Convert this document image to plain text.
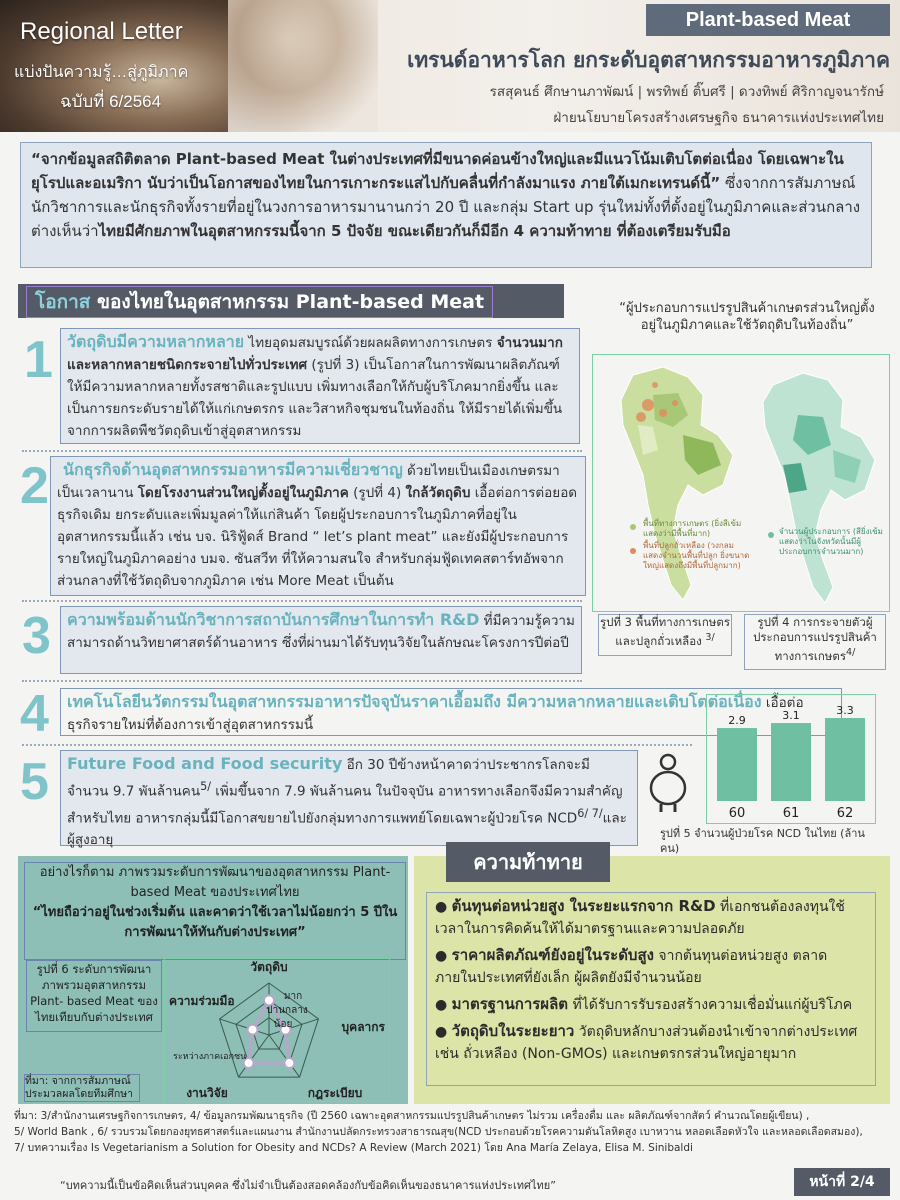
Regional Letter
แบ่งปันความรู้…สู่ภูมิภาค
ฉบับที่ 6/2564
Plant-based Meat
เทรนด์อาหารโลก ยกระดับอุตสาหกรรมอาหารภูมิภาค
รสสุคนธ์ ศึกษานภาพัฒน์ | พรทิพย์ ติ๊บศรี | ดวงทิพย์ ศิริกาญจนารักษ์
ฝ่ายนโยบายโครงสร้างเศรษฐกิจ ธนาคารแห่งประเทศไทย
“จากข้อมูลสถิติตลาด Plant-based Meat ในต่างประเทศที่มีขนาดค่อนข้างใหญ่และมีแนวโน้มเติบโตต่อเนื่อง โดยเฉพาะในยุโรปและอเมริกา นับว่าเป็นโอกาสของไทยในการเกาะกระแสไปกับคลื่นที่กำลังมาแรง ภายใต้เมกะเทรนด์นี้” ซึ่งจากการสัมภาษณ์นักวิชาการและนักธุรกิจทั้งรายที่อยู่ในวงการอาหารมานานกว่า 20 ปี และกลุ่ม Start up รุ่นใหม่ทั้งที่ตั้งอยู่ในภูมิภาคและส่วนกลางต่างเห็นว่าไทยมีศักยภาพในอุตสาหกรรมนี้จาก 5 ปัจจัย ขณะเดียวกันก็มีอีก 4 ความท้าทาย ที่ต้องเตรียมรับมือ
โอกาส ของไทยในอุตสาหกรรม Plant-based Meat
1 วัตถุดิบมีความหลากหลาย ไทยอุดมสมบูรณ์ด้วยผลผลิตทางการเกษตร จำนวนมากและหลากหลายชนิดกระจายไปทั่วประเทศ (รูปที่ 3) เป็นโอกาสในการพัฒนาผลิตภัณฑ์ให้มีความหลากหลายทั้งรสชาติและรูปแบบ เพิ่มทางเลือกให้กับผู้บริโภคมากยิ่งขึ้น และเป็นการยกระดับรายได้ให้แก่เกษตรกร และวิสาหกิจชุมชนในท้องถิ่น ให้มีรายได้เพิ่มขึ้นจากการผลิตพืชวัตถุดิบเข้าสู่อุตสาหกรรม
2 นักธุรกิจด้านอุตสาหกรรมอาหารมีความเชี่ยวชาญ ด้วยไทยเป็นเมืองเกษตรมาเป็นเวลานาน โดยโรงงานส่วนใหญ่ตั้งอยู่ในภูมิภาค (รูปที่ 4) ใกล้วัตถุดิบ เอื้อต่อการต่อยอดธุรกิจเดิม ยกระดับและเพิ่มมูลค่าให้แก่สินค้า โดยผู้ประกอบการในภูมิภาคที่อยู่ในอุตสาหกรรมนี้แล้ว เช่น บจ. นิริฟู้ดส์ Brand “ let’s plant meat” และยังมีผู้ประกอบการรายใหญ่ในภูมิภาคอย่าง บมจ. ซันสวีท ที่ให้ความสนใจ สำหรับกลุ่มฟู้ดเทคสตาร์ทอัพจากส่วนกลางที่ใช้วัตถุดิบจากภูมิภาค เช่น More Meat เป็นต้น
3	ความพร้อมด้านนักวิชาการสถาบันการศึกษาในการทำ R&D ที่มีความรู้ความสามารถด้านวิทยาศาสตร์ด้านอาหาร ซึ่งที่ผ่านมาได้รับทุนวิจัยในลักษณะโครงการปีต่อปี
4	เทคโนโลยีนวัตกรรมในอุตสาหกรรมอาหารปัจจุบันราคาเอื้อมถึง มีความหลากหลายและเติบโตต่อเนื่อง เอื้อต่อธุรกิจรายใหม่ที่ต้องการเข้าสู่อุตสาหกรรมนี้
5	Future Food and Food security อีก 30 ปีข้างหน้าคาดว่าประชากรโลกจะมีจำนวน 9.7 พันล้านคน$^{5/}$ เพิ่มขึ้นจาก 7.9 พันล้านคน ในปัจจุบัน อาหารทางเลือกจึงมีความสำคัญ สำหรับไทย อาหารกลุ่มนี้มีโอกาสขยายไปยังกลุ่มทางการแพทย์โดยเฉพาะผู้ป่วยโรค $NCD^{6/ 7/}$และผู้สูงอายุ
“ผู้ประกอบการแปรรูปสินค้าเกษตรส่วนใหญ่ตั้งอยู่ในภูมิภาคและใช้วัตถุดิบในท้องถิ่น”
พื้นที่ทางการเกษตร (ยิ่งสีเข้มแสดงว่ามีพื้นที่มาก)
พื้นที่ปลูกถั่วเหลือง (วงกลมแสดงจำนวนพื้นที่ปลูก ยิ่งขนาดใหญ่แสดงถึงมีพื้นที่ปลูกมาก)
จำนวนผู้ประกอบการ (สียิ่งเข้มแสดงว่าในจังหวัดนั้นมีผู้ประกอบการจำนวนมาก)
รูปที่ 3 พื้นที่ทางการเกษตรและปลูกถั่วเหลือง $^{3/}$
รูปที่ 4 การกระจายตัวผู้ประกอบการแปรรูปสินค้าทางการเกษตร$^{4/}$
2.9
60
3.1
61
3.3
62
รูปที่ 5 จำนวนผู้ป่วยโรค NCD ในไทย (ล้านคน)
อย่างไรก็ตาม ภาพรวมระดับการพัฒนาของอุตสาหกรรม Plant-based Meat ของประเทศไทย
“ไทยถือว่าอยู่ในช่วงเริ่มต้น และคาดว่าใช้เวลาไม่น้อยกว่า 5 ปีในการพัฒนาให้ทันกับต่างประเทศ”
รูปที่ 6 ระดับการพัฒนาภาพรวมอุตสาหกรรม Plant- based Meat ของไทยเทียบกับต่างประเทศ
วัตถุดิบ
บุคลากร
กฎระเบียบ
งานวิจัย
ความร่วมมือ
ระหว่างภาคเอกชน
มาก
ปานกลาง
น้อย
ที่มา: จากการสัมภาษณ์ประมวลผลโดยทีมศึกษา
ความท้าทาย
● ต้นทุนต่อหน่วยสูง ในระยะแรกจาก R&D ที่เอกชนต้องลงทุนใช้เวลาในการคิดค้นให้ได้มาตรฐานและความปลอดภัย
● ราคาผลิตภัณฑ์ยังอยู่ในระดับสูง จากต้นทุนต่อหน่วยสูง ตลาดภายในประเทศที่ยังเล็ก ผู้ผลิตยังมีจำนวนน้อย
● มาตรฐานการผลิต ที่ได้รับการรับรองสร้างความเชื่อมั่นแก่ผู้บริโภค
● วัตถุดิบในระยะยาว วัตถุดิบหลักบางส่วนต้องนำเข้าจากต่างประเทศ เช่น ถั่วเหลือง (Non-GMOs) และเกษตรกรส่วนใหญ่อายุมาก
ที่มา: 3/สำนักงานเศรษฐกิจการเกษตร, 4/ ข้อมูลกรมพัฒนาธุรกิจ (ปี 2560 เฉพาะอุตสาหกรรมแปรรูปสินค้าเกษตร ไม่รวม เครื่องดื่ม และ ผลิตภัณฑ์จากสัตว์ คำนวณโดยผู้เขียน) ,
5/ World Bank , 6/ รวบรวมโดยกองยุทธศาสตร์และแผนงาน สำนักงานปลัดกระทรวงสาธารณสุข(NCD ประกอบด้วยโรคความดันโลหิตสูง เบาหวาน หลอดเลือดหัวใจ และหลอดเลือดสมอง),
7/ บทความเรื่อง Is Vegetarianism a Solution for Obesity and NCDs? A Review (March 2021) โดย Ana María Zelaya, Elisa M. Sinibaldi
“บทความนี้เป็นข้อคิดเห็นส่วนบุคคล ซึ่งไม่จำเป็นต้องสอดคล้องกับข้อคิดเห็นของธนาคารแห่งประเทศไทย”	หน้าที่ 2/4
